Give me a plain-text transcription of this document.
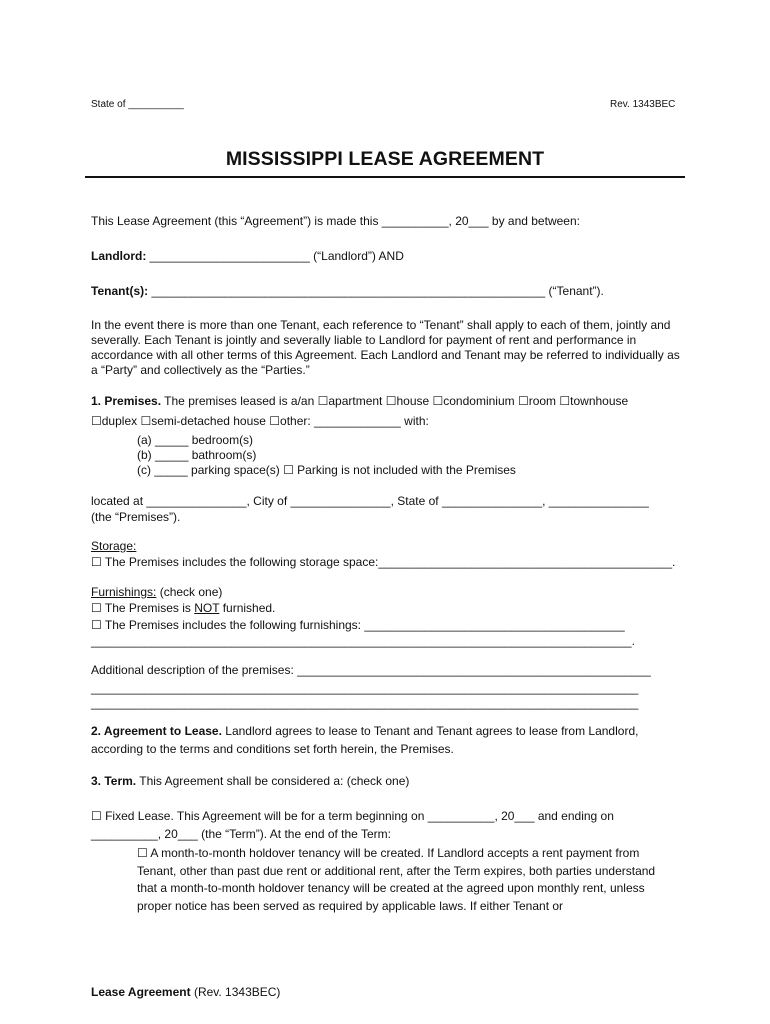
State of __________	Rev. 1343BEC
MISSISSIPPI LEASE AGREEMENT
This Lease Agreement (this “Agreement”) is made this __________, 20___ by and between:
Landlord: ________________________ (“Landlord”) AND
Tenant(s): ___________________________________________________________ (“Tenant”).
In the event there is more than one Tenant, each reference to “Tenant” shall apply to each of them, jointly and severally. Each Tenant is jointly and severally liable to Landlord for payment of rent and performance in accordance with all other terms of this Agreement. Each Landlord and Tenant may be referred to individually as a “Party” and collectively as the “Parties.”
1. Premises. The premises leased is a/an ☐apartment ☐house ☐condominium ☐room ☐townhouse
☐duplex ☐semi-detached house ☐other: _____________ with:
(a) _____ bedroom(s)
(b) _____ bathroom(s)
(c) _____ parking space(s) ☐ Parking is not included with the Premises
located at _______________, City of _______________, State of _______________, _______________
(the “Premises”).
Storage:
☐ The Premises includes the following storage space:____________________________________________.
Furnishings: (check one)
☐ The Premises is NOT furnished.
☐ The Premises includes the following furnishings: _______________________________________
_________________________________________________________________________________.
Additional description of the premises: _____________________________________________________
__________________________________________________________________________________
__________________________________________________________________________________
2. Agreement to Lease. Landlord agrees to lease to Tenant and Tenant agrees to lease from Landlord, according to the terms and conditions set forth herein, the Premises.
3. Term. This Agreement shall be considered a: (check one)
☐ Fixed Lease. This Agreement will be for a term beginning on __________, 20___ and ending on
__________, 20___ (the “Term”). At the end of the Term:
☐ A month-to-month holdover tenancy will be created. If Landlord accepts a rent payment from Tenant, other than past due rent or additional rent, after the Term expires, both parties understand that a month-to-month holdover tenancy will be created at the agreed upon monthly rent, unless proper notice has been served as required by applicable laws. If either Tenant or
Lease Agreement (Rev. 1343BEC)
